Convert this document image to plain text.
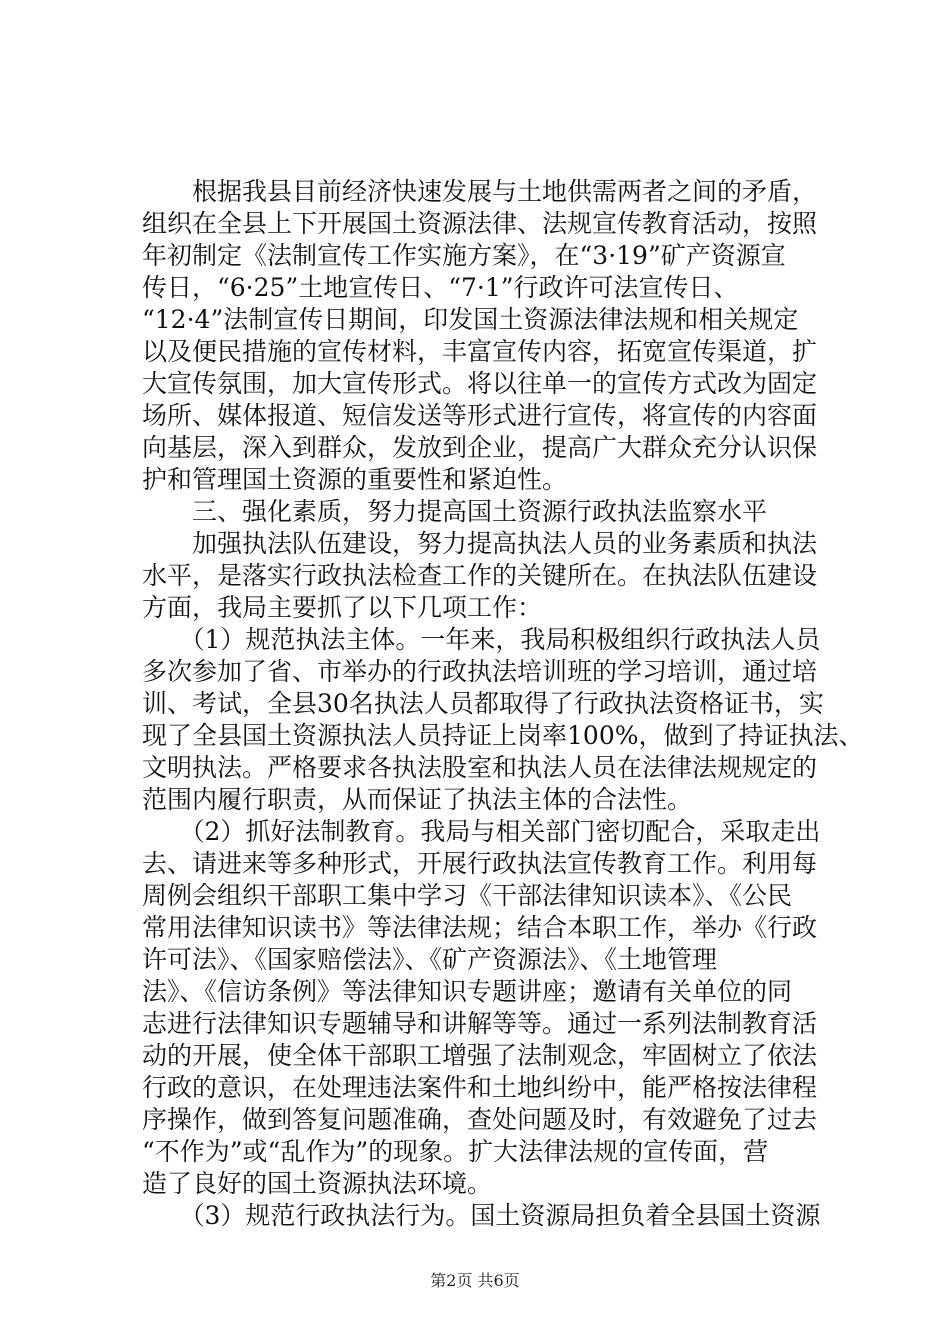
　　根据我县目前经济快速发展与土地供需两者之间的矛盾，
组织在全县上下开展国土资源法律、法规宣传教育活动，按照
年初制定《法制宣传工作实施方案》，在“3·19”矿产资源宣
传日，“6·25”土地宣传日、“7·1”行政许可法宣传日、
“12·4”法制宣传日期间，印发国土资源法律法规和相关规定
以及便民措施的宣传材料，丰富宣传内容，拓宽宣传渠道，扩
大宣传氛围，加大宣传形式。将以往单一的宣传方式改为固定
场所、媒体报道、短信发送等形式进行宣传，将宣传的内容面
向基层，深入到群众，发放到企业，提高广大群众充分认识保
护和管理国土资源的重要性和紧迫性。
　　三、强化素质，努力提高国土资源行政执法监察水平
　　加强执法队伍建设，努力提高执法人员的业务素质和执法
水平，是落实行政执法检查工作的关键所在。在执法队伍建设
方面，我局主要抓了以下几项工作：
　　（1）规范执法主体。一年来，我局积极组织行政执法人员
多次参加了省、市举办的行政执法培训班的学习培训，通过培
训、考试，全县30名执法人员都取得了行政执法资格证书，实
现了全县国土资源执法人员持证上岗率100%，做到了持证执法、
文明执法。严格要求各执法股室和执法人员在法律法规规定的
范围内履行职责，从而保证了执法主体的合法性。
　　（2）抓好法制教育。我局与相关部门密切配合，采取走出
去、请进来等多种形式，开展行政执法宣传教育工作。利用每
周例会组织干部职工集中学习《干部法律知识读本》、《公民
常用法律知识读书》等法律法规；结合本职工作，举办《行政
许可法》、《国家赔偿法》、《矿产资源法》、《土地管理
法》、《信访条例》等法律知识专题讲座；邀请有关单位的同
志进行法律知识专题辅导和讲解等等。通过一系列法制教育活
动的开展，使全体干部职工增强了法制观念，牢固树立了依法
行政的意识，在处理违法案件和土地纠纷中，能严格按法律程
序操作，做到答复问题准确，查处问题及时，有效避免了过去
“不作为”或“乱作为”的现象。扩大法律法规的宣传面，营
造了良好的国土资源执法环境。
　　（3）规范行政执法行为。国土资源局担负着全县国土资源
第2页 共6页
